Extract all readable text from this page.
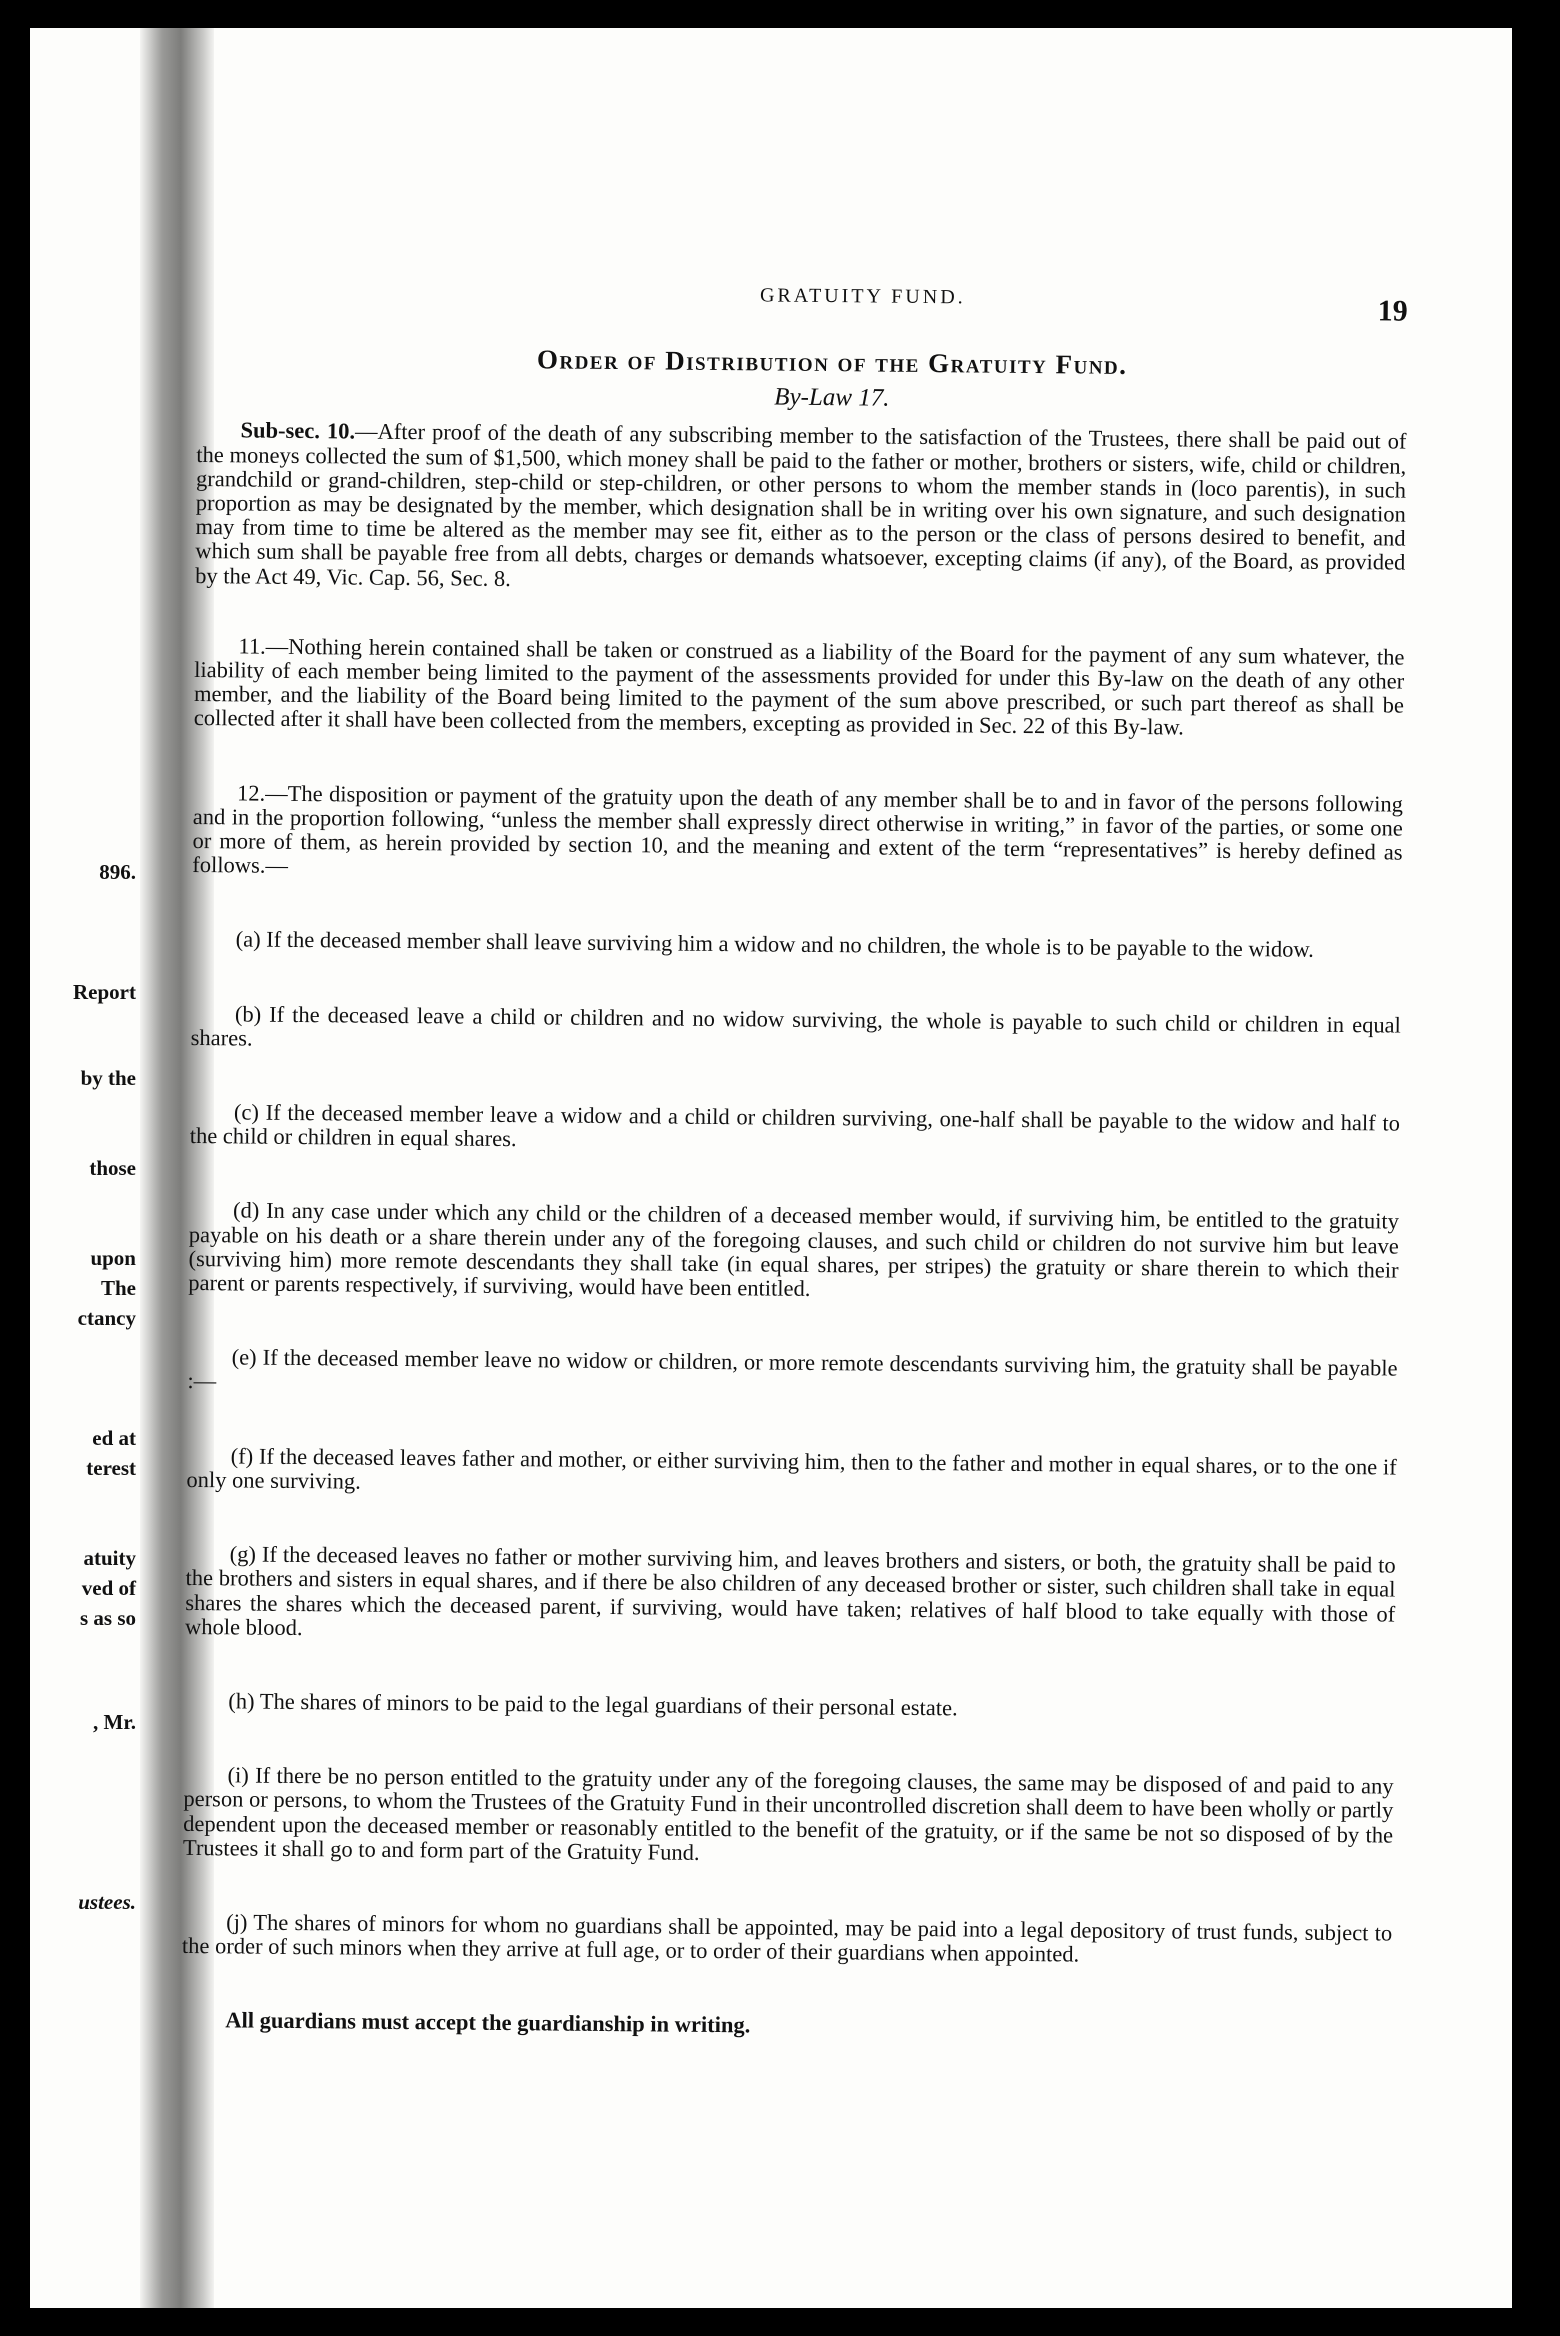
896.
Report
by the
those
upon
The
ctancy
ed at
terest
atuity
ved of
s as so
, Mr.
ustees.
GRATUITY FUND.	19
Order of Distribution of the Gratuity Fund.
By-Law 17.

Sub-sec. 10.—After proof of the death of any subscribing member to the satisfaction of the Trustees, there shall be paid out of the moneys collected the sum of $1,500, which money shall be paid to the father or mother, brothers or sisters, wife, child or children, grandchild or grand-children, step-child or step-children, or other persons to whom the member stands in (loco parentis), in such proportion as may be designated by the member, which designation shall be in writing over his own signature, and such designation may from time to time be altered as the member may see fit, either as to the person or the class of persons desired to benefit, and which sum shall be payable free from all debts, charges or demands whatsoever, excepting claims (if any), of the Board, as provided by the Act 49, Vic. Cap. 56, Sec. 8.

11.—Nothing herein contained shall be taken or construed as a liability of the Board for the payment of any sum whatever, the liability of each member being limited to the payment of the assessments provided for under this By-law on the death of any other member, and the liability of the Board being limited to the payment of the sum above prescribed, or such part thereof as shall be collected after it shall have been collected from the members, excepting as provided in Sec. 22 of this By-law.

12.—The disposition or payment of the gratuity upon the death of any member shall be to and in favor of the persons following and in the proportion following, “unless the member shall expressly direct otherwise in writing,” in favor of the parties, or some one or more of them, as herein provided by section 10, and the meaning and extent of the term “representatives” is hereby defined as follows.—

(a) If the deceased member shall leave surviving him a widow and no children, the whole is to be payable to the widow.

(b) If the deceased leave a child or children and no widow surviving, the whole is payable to such child or children in equal shares.

(c) If the deceased member leave a widow and a child or children surviving, one-half shall be payable to the widow and half to the child or children in equal shares.

(d) In any case under which any child or the children of a deceased member would, if surviving him, be entitled to the gratuity payable on his death or a share therein under any of the foregoing clauses, and such child or children do not survive him but leave (surviving him) more remote descendants they shall take (in equal shares, per stripes) the gratuity or share therein to which their parent or parents respectively, if surviving, would have been entitled.

(e) If the deceased member leave no widow or children, or more remote descendants surviving him, the gratuity shall be payable :—

(f) If the deceased leaves father and mother, or either surviving him, then to the father and mother in equal shares, or to the one if only one surviving.

(g) If the deceased leaves no father or mother surviving him, and leaves brothers and sisters, or both, the gratuity shall be paid to the brothers and sisters in equal shares, and if there be also children of any deceased brother or sister, such children shall take in equal shares the shares which the deceased parent, if surviving, would have taken; relatives of half blood to take equally with those of whole blood.

(h) The shares of minors to be paid to the legal guardians of their personal estate.

(i) If there be no person entitled to the gratuity under any of the foregoing clauses, the same may be disposed of and paid to any person or persons, to whom the Trustees of the Gratuity Fund in their uncontrolled discretion shall deem to have been wholly or partly dependent upon the deceased member or reasonably entitled to the benefit of the gratuity, or if the same be not so disposed of by the Trustees it shall go to and form part of the Gratuity Fund.

(j) The shares of minors for whom no guardians shall be appointed, may be paid into a legal depository of trust funds, subject to the order of such minors when they arrive at full age, or to order of their guardians when appointed.

All guardians must accept the guardianship in writing.
